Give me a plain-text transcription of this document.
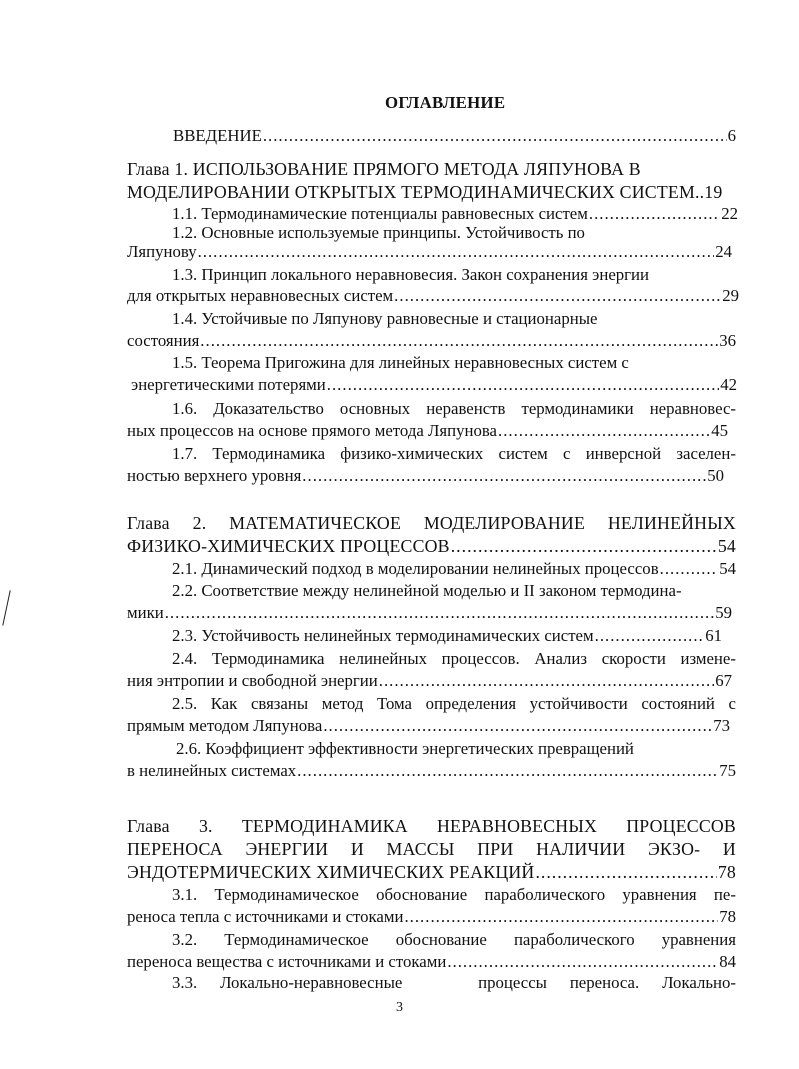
ОГЛАВЛЕНИЕ
ВВЕДЕНИЕ .....	6
Глава 1. ИСПОЛЬЗОВАНИЕ ПРЯМОГО МЕТОДА ЛЯПУНОВА В
МОДЕЛИРОВАНИИ ОТКРЫТЫХ ТЕРМОДИНАМИЧЕСКИХ СИСТЕМ..19
1.1. Термодинамические потенциалы равновесных систем .....	22
1.2. Основные используемые принципы. Устойчивость по
Ляпунову .....	24
1.3. Принцип локального неравновесия. Закон сохранения энергии
для открытых неравновесных систем .....	29
1.4. Устойчивые по Ляпунову равновесные и стационарные
состояния .....	36
1.5. Теорема Пригожина для линейных неравновесных систем с
энергетическими потерями .....	42
1.6. Доказательство основных неравенств термодинамики неравновес-
ных процессов на основе прямого метода Ляпунова .....	45
1.7. Термодинамика физико-химических систем с инверсной заселен-
ностью верхнего уровня .....	50
Глава 2. МАТЕМАТИЧЕСКОЕ МОДЕЛИРОВАНИЕ НЕЛИНЕЙНЫХ
ФИЗИКО-ХИМИЧЕСКИХ ПРОЦЕССОВ .....	54
2.1. Динамический подход в моделировании нелинейных процессов .....	54
2.2. Соответствие между нелинейной моделью и II законом термодина-
мики .....	59
2.3. Устойчивость нелинейных термодинамических систем .....	61
2.4. Термодинамика нелинейных процессов. Анализ скорости измене-
ния энтропии и свободной энергии .....	67
2.5. Как связаны метод Тома определения устойчивости состояний с
прямым методом Ляпунова .....	73
2.6. Коэффициент эффективности энергетических превращений
в нелинейных системах .....	75
Глава 3. ТЕРМОДИНАМИКА НЕРАВНОВЕСНЫХ ПРОЦЕССОВ
ПЕРЕНОСА ЭНЕРГИИ И МАССЫ ПРИ НАЛИЧИИ ЭКЗО- И
ЭНДОТЕРМИЧЕСКИХ ХИМИЧЕСКИХ РЕАКЦИЙ .....	78
3.1. Термодинамическое обоснование параболического уравнения пе-
реноса тепла с источниками и стоками .....	78
3.2. Термодинамическое обоснование параболического уравнения
переноса вещества с источниками и стоками .....	84
3.3. Локально-неравновесные	процессы переноса. Локально-
3
